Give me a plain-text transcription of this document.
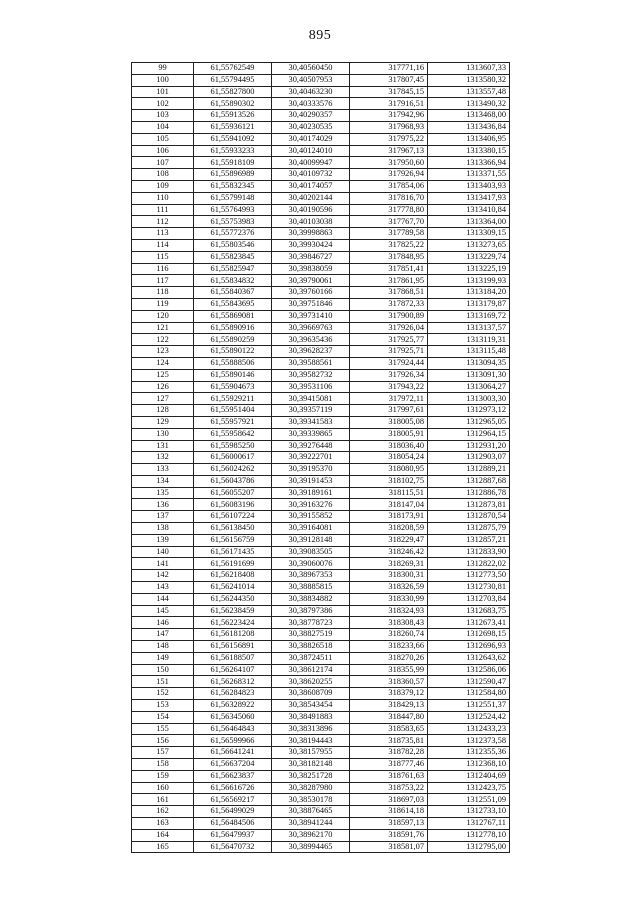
895
99	61,55762549	30,40560450	317771,16	1313607,33
100	61,55794495	30,40507953	317807,45	1313580,32
101	61,55827800	30,40463230	317845,15	1313557,48
102	61,55890302	30,40333576	317916,51	1313490,32
103	61,55913526	30,40290357	317942,96	1313468,00
104	61,55936121	30,40230535	317968,93	1313436,84
105	61,55941092	30,40174029	317975,22	1313406,95
106	61,55933233	30,40124010	317967,13	1313380,15
107	61,55918109	30,40099947	317950,60	1313366,94
108	61,55896989	30,40109732	317926,94	1313371,55
109	61,55832345	30,40174057	317854,06	1313403,93
110	61,55799148	30,40202144	317816,70	1313417,93
111	61,55764993	30,40190596	317778,80	1313410,84
112	61,55753983	30,40103038	317767,70	1313364,00
113	61,55772376	30,39998863	317789,58	1313309,15
114	61,55803546	30,39930424	317825,22	1313273,65
115	61,55823845	30,39846727	317848,95	1313229,74
116	61,55825947	30,39838059	317851,41	1313225,19
117	61,55834832	30,39790061	317861,95	1313199,93
118	61,55840367	30,39760166	317868,51	1313184,20
119	61,55843695	30,39751846	317872,33	1313179,87
120	61,55869081	30,39731410	317900,89	1313169,72
121	61,55890916	30,39669763	317926,04	1313137,57
122	61,55890259	30,39635436	317925,77	1313119,31
123	61,55890122	30,39628237	317925,71	1313115,48
124	61,55888506	30,39588561	317924,44	1313094,35
125	61,55890146	30,39582732	317926,34	1313091,30
126	61,55904673	30,39531106	317943,22	1313064,27
127	61,55929211	30,39415081	317972,11	1313003,30
128	61,55951404	30,39357119	317997,61	1312973,12
129	61,55957921	30,39341583	318005,08	1312965,05
130	61,55958642	30,39339865	318005,91	1312964,15
131	61,55985250	30,39276448	318036,40	1312931,20
132	61,56000617	30,39222701	318054,24	1312903,07
133	61,56024262	30,39195370	318080,95	1312889,21
134	61,56043786	30,39191453	318102,75	1312887,68
135	61,56055207	30,39189161	318115,51	1312886,78
136	61,56083196	30,39163276	318147,04	1312873,81
137	61,56107224	30,39155852	318173,91	1312870,54
138	61,56138450	30,39164081	318208,59	1312875,79
139	61,56156759	30,39128148	318229,47	1312857,21
140	61,56171435	30,39083505	318246,42	1312833,90
141	61,56191699	30,39060076	318269,31	1312822,02
142	61,56218408	30,38967353	318300,31	1312773,50
143	61,56241014	30,38885815	318326,59	1312730,81
144	61,56244350	30,38834882	318330,99	1312703,84
145	61,56238459	30,38797386	318324,93	1312683,75
146	61,56223424	30,38778723	318308,43	1312673,41
147	61,56181208	30,38827519	318260,74	1312698,15
148	61,56156891	30,38826518	318233,66	1312696,93
149	61,56188507	30,38724511	318270,26	1312643,62
150	61,56264107	30,38612174	318355,99	1312586,06
151	61,56268312	30,38620255	318360,57	1312590,47
152	61,56284823	30,38608709	318379,12	1312584,80
153	61,56328922	30,38543454	318429,13	1312551,37
154	61,56345060	30,38491883	318447,80	1312524,42
155	61,56464843	30,38313896	318583,65	1312433,23
156	61,56599966	30,38194443	318735,81	1312373,58
157	61,56641241	30,38157955	318782,28	1312355,36
158	61,56637204	30,38182148	318777,46	1312368,10
159	61,56623837	30,38251728	318761,63	1312404,69
160	61,56616726	30,38287980	318753,22	1312423,75
161	61,56569217	30,38530178	318697,03	1312551,09
162	61,56499029	30,38876465	318614,18	1312733,10
163	61,56484506	30,38941244	318597,13	1312767,11
164	61,56479937	30,38962170	318591,76	1312778,10
165	61,56470732	30,38994465	318581,07	1312795,00
